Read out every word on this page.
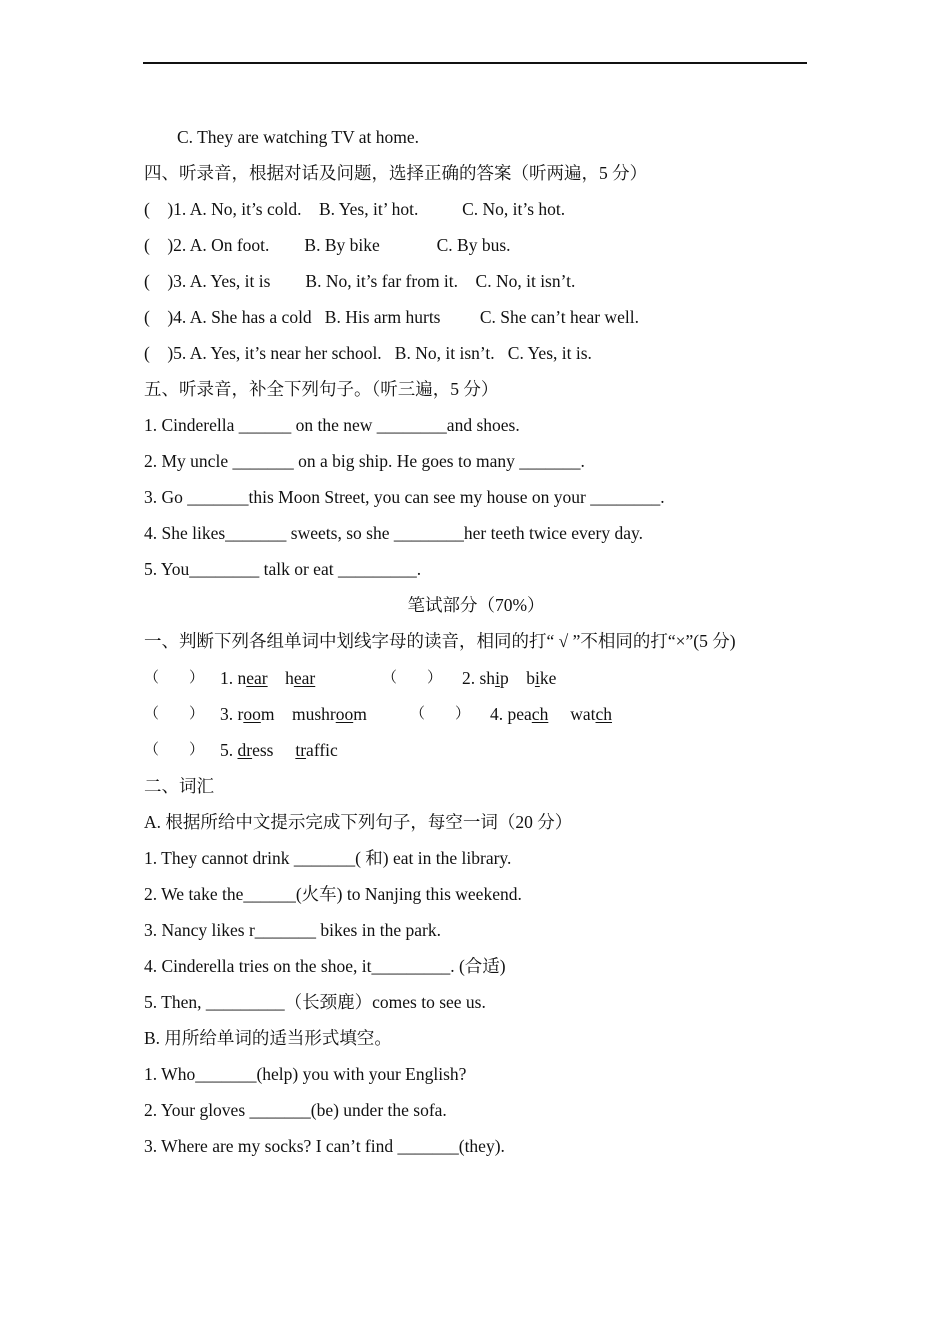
C. They are watching TV at home.
四、听录音，根据对话及问题，选择正确的答案（听两遍，5 分）
(    )1. A. No, it’s cold.    B. Yes, it’ hot.          C. No, it’s hot.
(    )2. A. On foot.        B. By bike             C. By bus.
(    )3. A. Yes, it is        B. No, it’s far from it.    C. No, it isn’t.
(    )4. A. She has a cold   B. His arm hurts         C. She can’t hear well.
(    )5. A. Yes, it’s near her school.   B. No, it isn’t.   C. Yes, it is.
五、听录音，补全下列句子。（听三遍，5 分）
1. Cinderella ______ on the new ________and shoes.
2. My uncle _______ on a big ship. He goes to many _______.
3. Go _______this Moon Street, you can see my house on your ________.
4. She likes_______ sweets, so she ________her teeth twice every day.
5. You________ talk or eat _________.
笔试部分（70%）
一、判断下列各组单词中划线字母的读音，相同的打“ √ ”不相同的打“×”(5 分)

（        ）

1. near hear

	（        ）

2. ship bike

（        ）

3. room mushroom

	（        ）

4. peach watch

（        ）

5. dress traffic

二、词汇
A. 根据所给中文提示完成下列句子，每空一词（20 分）
1. They cannot drink _______( 和) eat in the library.
2. We take the______(火车) to Nanjing this weekend.
3. Nancy likes r_______ bikes in the park.
4. Cinderella tries on the shoe, it_________. (合适)
5. Then, _________（长颈鹿）comes to see us.
B. 用所给单词的适当形式填空。
1. Who_______(help) you with your English?
2. Your gloves _______(be) under the sofa.
3. Where are my socks? I can’t find _______(they).
